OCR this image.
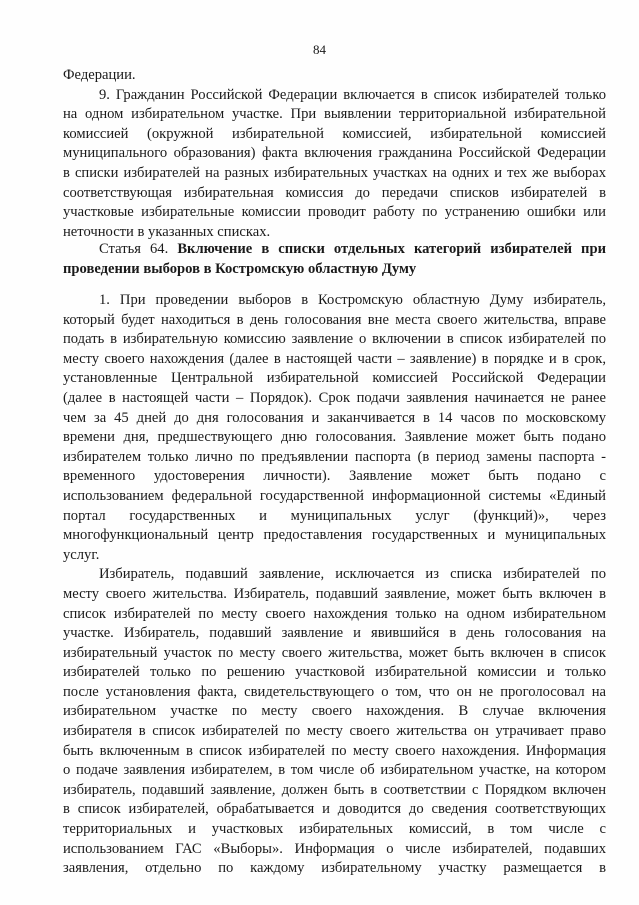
84
Федерации.
9. Гражданин Российской Федерации включается в список избирателей только
на одном избирательном участке. При выявлении территориальной избирательной
комиссией (окружной избирательной комиссией, избирательной комиссией
муниципального образования) факта включения гражданина Российской Федерации
в списки избирателей на разных избирательных участках на одних и тех же выборах
соответствующая избирательная комиссия до передачи списков избирателей в
участковые избирательные комиссии проводит работу по устранению ошибки или
неточности в указанных списках.
Статья 64. Включение в списки отдельных категорий избирателей при
проведении выборов в Костромскую областную Думу
1. При проведении выборов в Костромскую областную Думу избиратель,
который будет находиться в день голосования вне места своего жительства, вправе
подать в избирательную комиссию заявление о включении в список избирателей по
месту своего нахождения (далее в настоящей части – заявление) в порядке и в срок,
установленные Центральной избирательной комиссией Российской Федерации
(далее в настоящей части – Порядок). Срок подачи заявления начинается не ранее
чем за 45 дней до дня голосования и заканчивается в 14 часов по московскому
времени дня, предшествующего дню голосования. Заявление может быть подано
избирателем только лично по предъявлении паспорта (в период замены паспорта -
временного удостоверения личности). Заявление может быть подано с
использованием федеральной государственной информационной системы «Единый
портал государственных и муниципальных услуг (функций)», через
многофункциональный центр предоставления государственных и муниципальных
услуг.
Избиратель, подавший заявление, исключается из списка избирателей по
месту своего жительства. Избиратель, подавший заявление, может быть включен в
список избирателей по месту своего нахождения только на одном избирательном
участке. Избиратель, подавший заявление и явившийся в день голосования на
избирательный участок по месту своего жительства, может быть включен в список
избирателей только по решению участковой избирательной комиссии и только
после установления факта, свидетельствующего о том, что он не проголосовал на
избирательном участке по месту своего нахождения. В случае включения
избирателя в список избирателей по месту своего жительства он утрачивает право
быть включенным в список избирателей по месту своего нахождения. Информация
о подаче заявления избирателем, в том числе об избирательном участке, на котором
избиратель, подавший заявление, должен быть в соответствии с Порядком включен
в список избирателей, обрабатывается и доводится до сведения соответствующих
территориальных и участковых избирательных комиссий, в том числе с
использованием ГАС «Выборы». Информация о числе избирателей, подавших
заявления, отдельно по каждому избирательному участку размещается в
